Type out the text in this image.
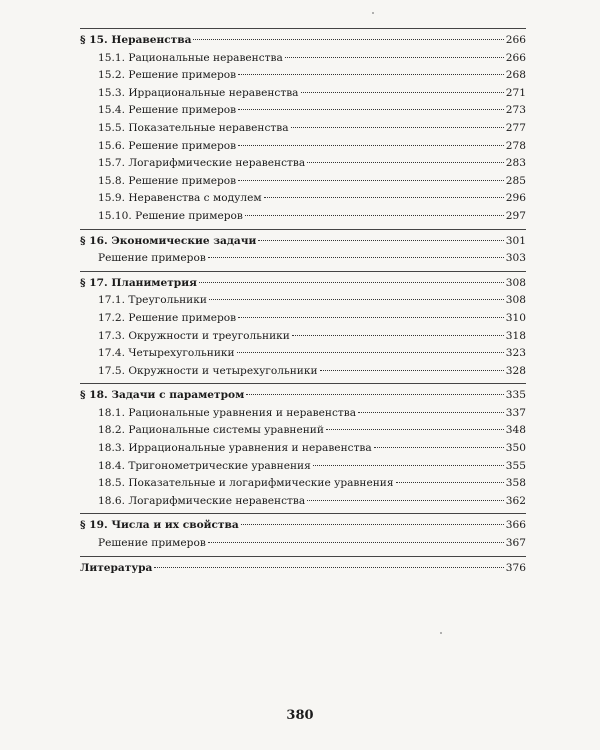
§ 15. Неравенства	266
15.1. Рациональные неравенства	266
15.2. Решение примеров	268
15.3. Иррациональные неравенства	271
15.4. Решение примеров	273
15.5. Показательные неравенства	277
15.6. Решение примеров	278
15.7. Логарифмические неравенства	283
15.8. Решение примеров	285
15.9. Неравенства с модулем	296
15.10. Решение примеров	297
§ 16. Экономические задачи	301
Решение примеров	303
§ 17. Планиметрия	308
17.1. Треугольники	308
17.2. Решение примеров	310
17.3. Окружности и треугольники	318
17.4. Четырехугольники	323
17.5. Окружности и четырехугольники	328
§ 18. Задачи с параметром	335
18.1. Рациональные уравнения и неравенства	337
18.2. Рациональные системы уравнений	348
18.3. Иррациональные уравнения и неравенства	350
18.4. Тригонометрические уравнения	355
18.5. Показательные и логарифмические уравнения	358
18.6. Логарифмические неравенства	362
§ 19. Числа и их свойства	366
Решение примеров	367
Литература	376
380
